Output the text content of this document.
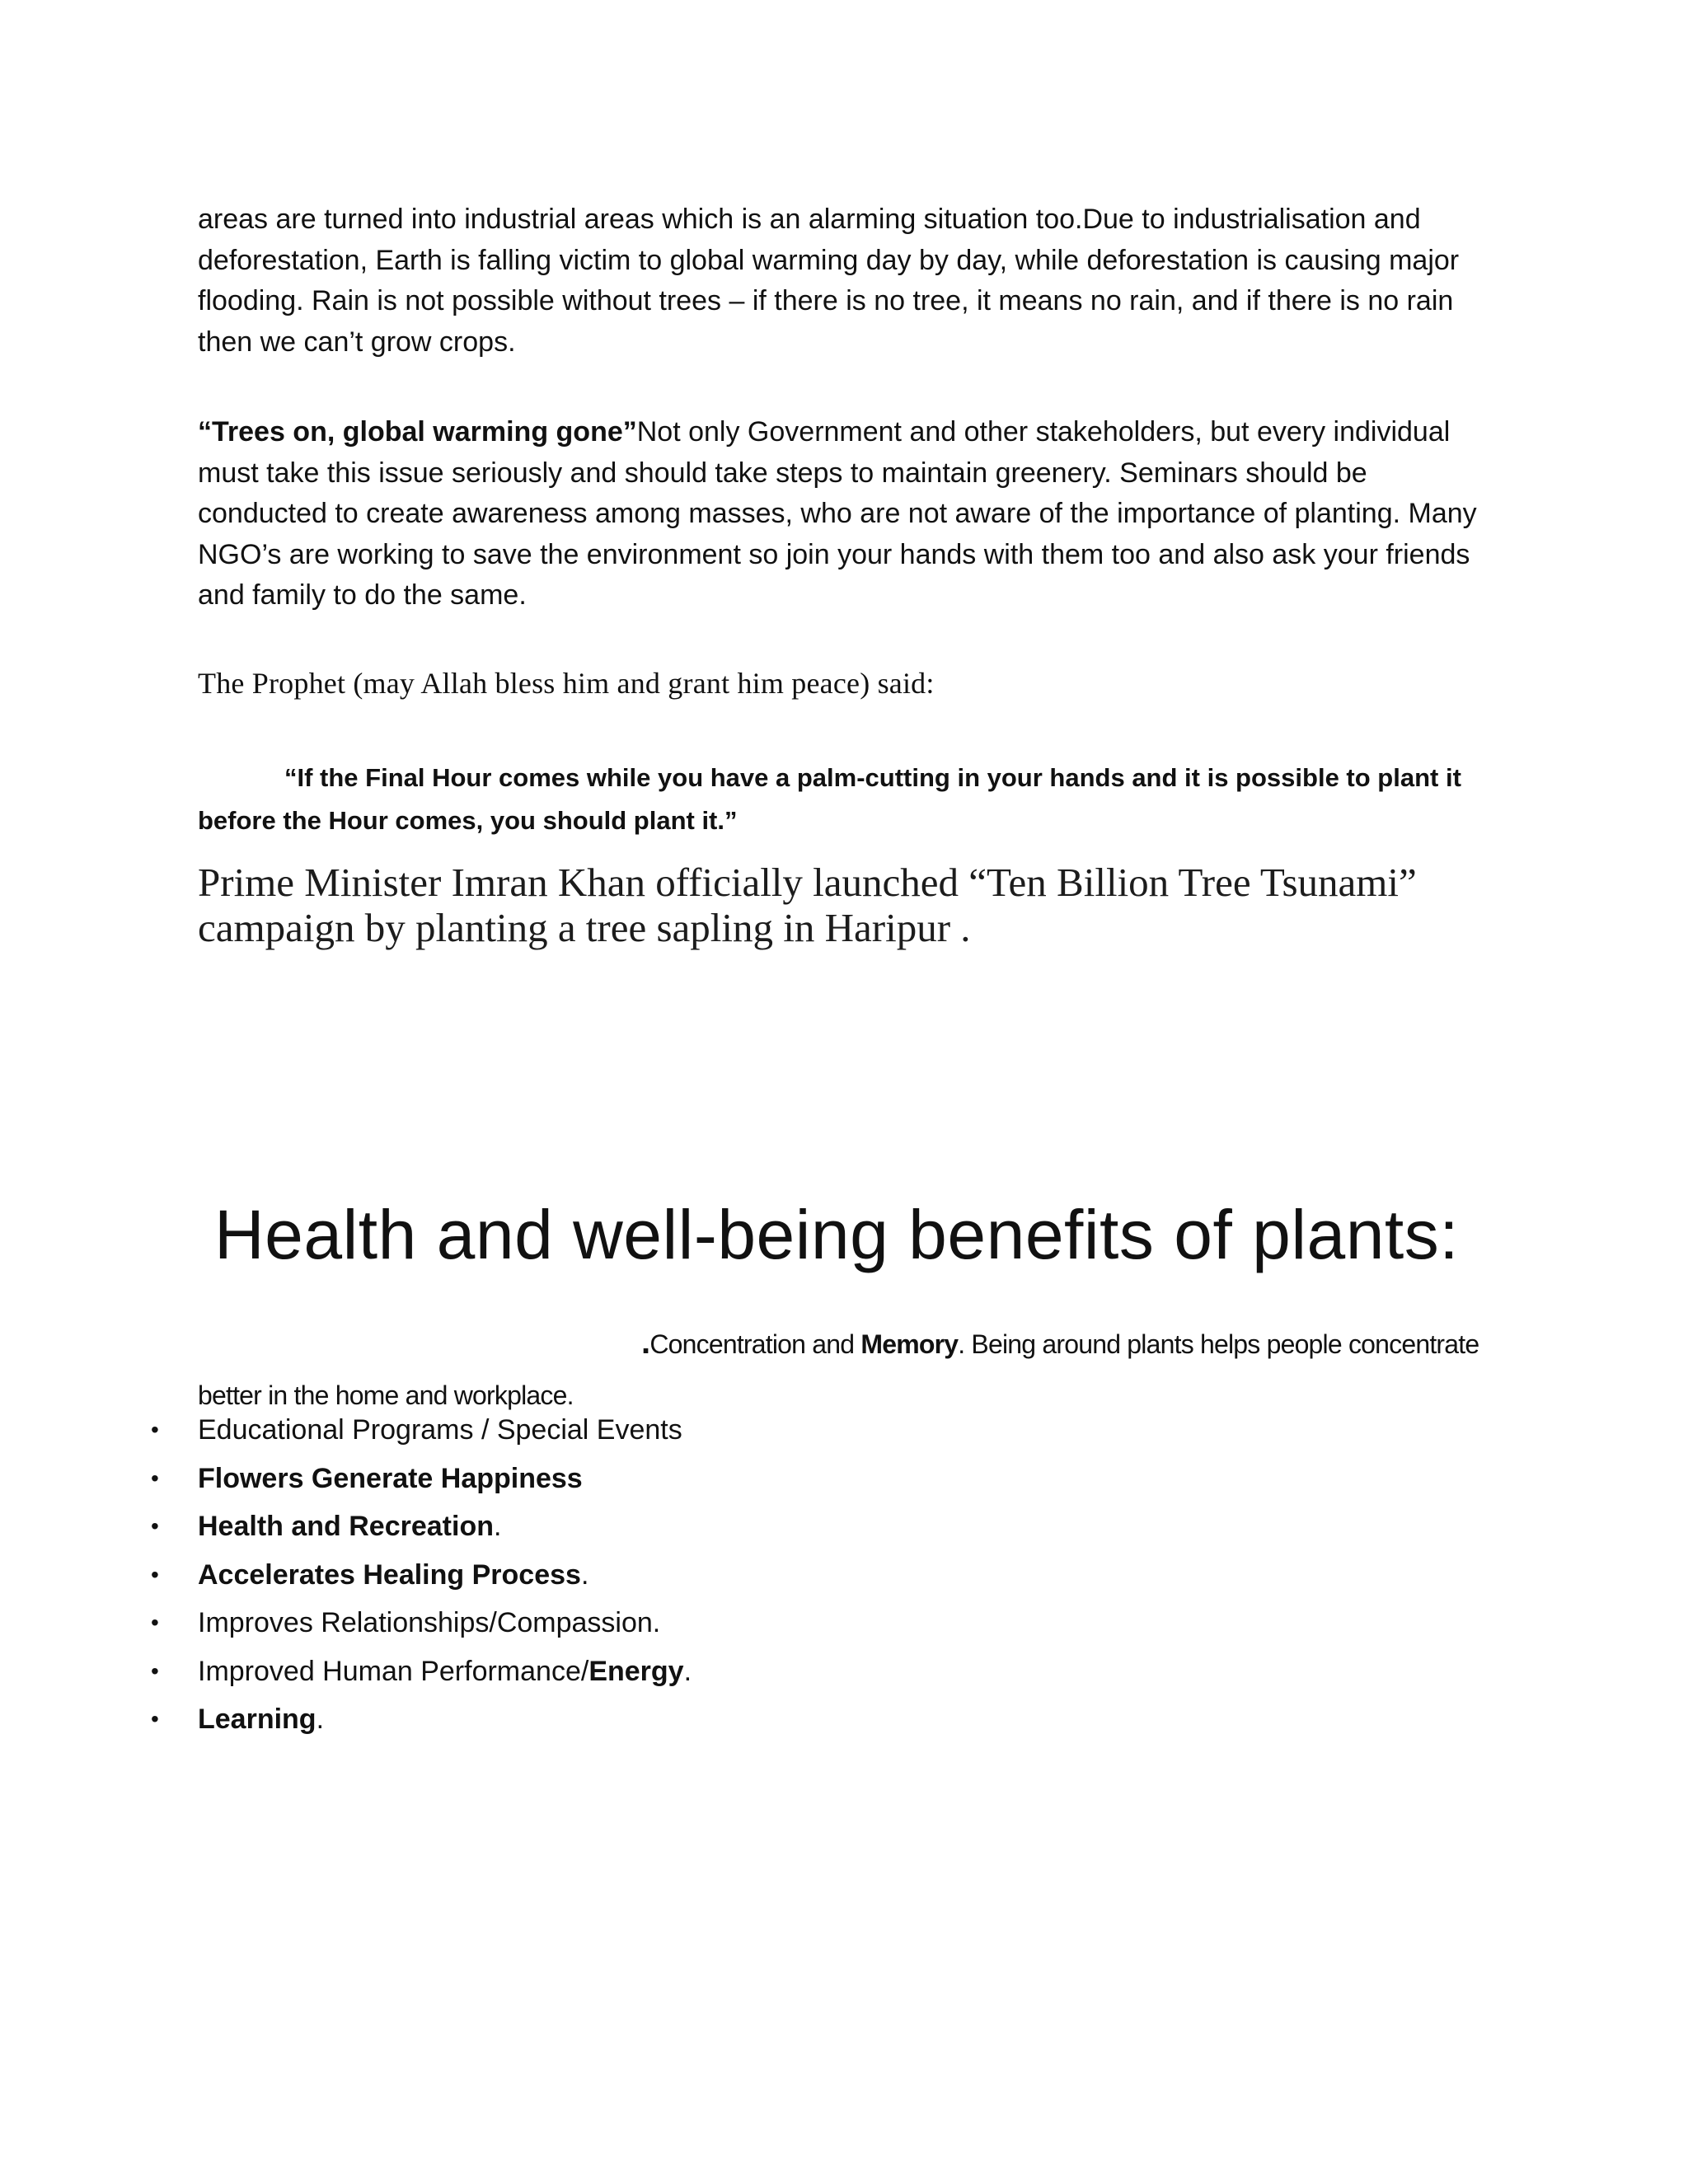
areas are turned into industrial areas which is an alarming situation too.Due to industrialisation and deforestation, Earth is falling victim to global warming day by day, while deforestation is causing major flooding. Rain is not possible without trees – if there is no tree, it means no rain, and if there is no rain then we can’t grow crops.

“Trees on, global warming gone”Not only Government and other stakeholders, but every individual must take this issue seriously and should take steps to maintain greenery. Seminars should be conducted to create awareness among masses, who are not aware of the importance of planting. Many NGO’s are working to save the environment so join your hands with them too and also ask your friends and family to do the same.

The Prophet (may Allah bless him and grant him peace) said:

“If the Final Hour comes while you have a palm-cutting in your hands and it is possible to plant it before the Hour comes, you should plant it.”

Prime Minister Imran Khan officially launched “Ten Billion Tree Tsunami” campaign by planting a tree sapling in Haripur .

Health and well-being benefits of plants:

.Concentration and Memory. Being around plants helps people concentrate better in the home and workplace.

• Educational Programs / Special Events
• Flowers Generate Happiness
• Health and Recreation.
• Accelerates Healing Process.
• Improves Relationships/Compassion.
• Improved Human Performance/Energy.
• Learning.
